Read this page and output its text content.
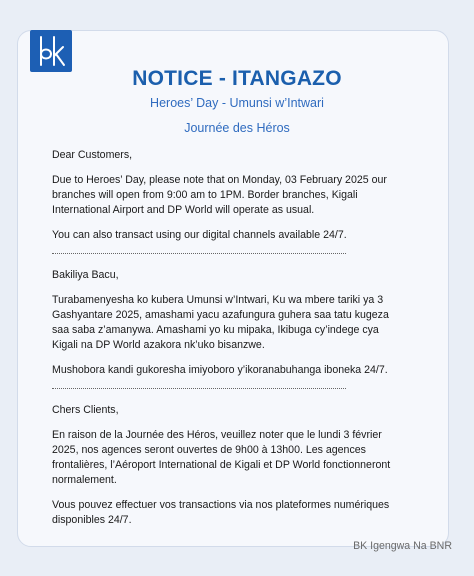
NOTICE - ITANGAZO
Heroes’ Day - Umunsi w’Intwari
Journée des Héros

Dear Customers,

Due to Heroes’ Day, please note that on Monday, 03 February 2025 our branches will open from 9:00 am to 1PM. Border branches, Kigali International Airport and DP World will operate as usual.

You can also transact using our digital channels available 24/7.

Bakiliya Bacu,

Turabamenyesha ko kubera Umunsi w’Intwari, Ku wa mbere tariki ya 3 Gashyantare 2025, amashami yacu azafungura guhera saa tatu kugeza saa saba z’amanywa. Amashami yo ku mipaka, Ikibuga cy’indege cya Kigali na DP World azakora nk’uko bisanzwe.

Mushobora kandi gukoresha imiyoboro y’ikoranabuhanga iboneka 24/7.

Chers Clients,

En raison de la Journée des Héros, veuillez noter que le lundi 3 février 2025, nos agences seront ouvertes de 9h00 à 13h00. Les agences frontalières, l’Aéroport International de Kigali et DP World fonctionneront normalement.

Vous pouvez effectuer vos transactions via nos plateformes numériques disponibles 24/7.

BK Igengwa Na BNR
